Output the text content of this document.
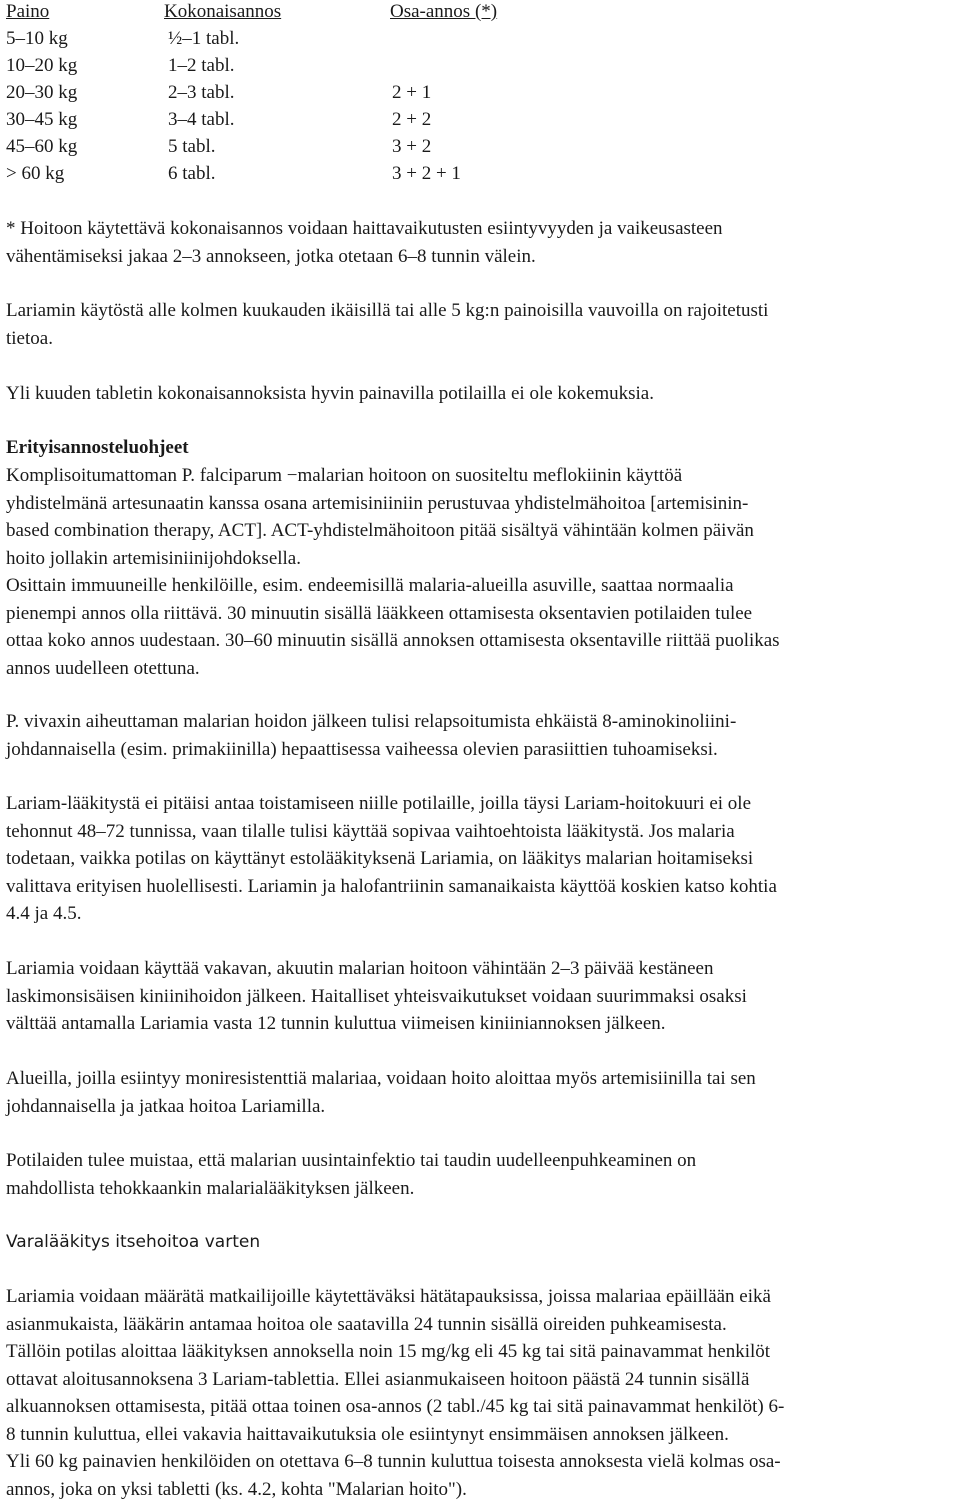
Paino	Kokonaisannos	Osa-annos (*)
5–10 kg	½–1 tabl.
10–20 kg	1–2 tabl.
20–30 kg	2–3 tabl.	2 + 1
30–45 kg	3–4 tabl.	2 + 2
45–60 kg	5 tabl.	3 + 2
> 60 kg	6 tabl.	3 + 2 + 1

* Hoitoon käytettävä kokonaisannos voidaan haittavaikutusten esiintyvyyden ja vaikeusasteen
vähentämiseksi jakaa 2–3 annokseen, jotka otetaan 6–8 tunnin välein.

Lariamin käytöstä alle kolmen kuukauden ikäisillä tai alle 5 kg:n painoisilla vauvoilla on rajoitetusti
tietoa.

Yli kuuden tabletin kokonaisannoksista hyvin painavilla potilailla ei ole kokemuksia.

Erityisannosteluohjeet

Komplisoitumattoman P. falciparum −malarian hoitoon on suositeltu meflokiinin käyttöä
yhdistelmänä artesunaatin kanssa osana artemisiniiniin perustuvaa yhdistelmähoitoa [artemisinin-
based combination therapy, ACT]. ACT-yhdistelmähoitoon pitää sisältyä vähintään kolmen päivän
hoito jollakin artemisiniinijohdoksella.
Osittain immuuneille henkilöille, esim. endeemisillä malaria-alueilla asuville, saattaa normaalia
pienempi annos olla riittävä. 30 minuutin sisällä lääkkeen ottamisesta oksentavien potilaiden tulee
ottaa koko annos uudestaan. 30–60 minuutin sisällä annoksen ottamisesta oksentaville riittää puolikas
annos uudelleen otettuna.

P. vivaxin aiheuttaman malarian hoidon jälkeen tulisi relapsoitumista ehkäistä 8-aminokinoliini-
johdannaisella (esim. primakiinilla) hepaattisessa vaiheessa olevien parasiittien tuhoamiseksi.

Lariam-lääkitystä ei pitäisi antaa toistamiseen niille potilaille, joilla täysi Lariam-hoitokuuri ei ole
tehonnut 48–72 tunnissa, vaan tilalle tulisi käyttää sopivaa vaihtoehtoista lääkitystä. Jos malaria
todetaan, vaikka potilas on käyttänyt estolääkityksenä Lariamia, on lääkitys malarian hoitamiseksi
valittava erityisen huolellisesti. Lariamin ja halofantriinin samanaikaista käyttöä koskien katso kohtia
4.4 ja 4.5.

Lariamia voidaan käyttää vakavan, akuutin malarian hoitoon vähintään 2–3 päivää kestäneen
laskimonsisäisen kiniinihoidon jälkeen. Haitalliset yhteisvaikutukset voidaan suurimmaksi osaksi
välttää antamalla Lariamia vasta 12 tunnin kuluttua viimeisen kiniiniannoksen jälkeen.

Alueilla, joilla esiintyy moniresistenttiä malariaa, voidaan hoito aloittaa myös artemisiinilla tai sen
johdannaisella ja jatkaa hoitoa Lariamilla.

Potilaiden tulee muistaa, että malarian uusintainfektio tai taudin uudelleenpuhkeaminen on
mahdollista tehokkaankin malarialääkityksen jälkeen.

Varalääkitys itsehoitoa varten

Lariamia voidaan määrätä matkailijoille käytettäväksi hätätapauksissa, joissa malariaa epäillään eikä
asianmukaista, lääkärin antamaa hoitoa ole saatavilla 24 tunnin sisällä oireiden puhkeamisesta.
Tällöin potilas aloittaa lääkityksen annoksella noin 15 mg/kg eli 45 kg tai sitä painavammat henkilöt
ottavat aloitusannoksena 3 Lariam-tablettia. Ellei asianmukaiseen hoitoon päästä 24 tunnin sisällä
alkuannoksen ottamisesta, pitää ottaa toinen osa-annos (2 tabl./45 kg tai sitä painavammat henkilöt) 6-
8 tunnin kuluttua, ellei vakavia haittavaikutuksia ole esiintynyt ensimmäisen annoksen jälkeen.
Yli 60 kg painavien henkilöiden on otettava 6–8 tunnin kuluttua toisesta annoksesta vielä kolmas osa-
annos, joka on yksi tabletti (ks. 4.2, kohta "Malarian hoito").
